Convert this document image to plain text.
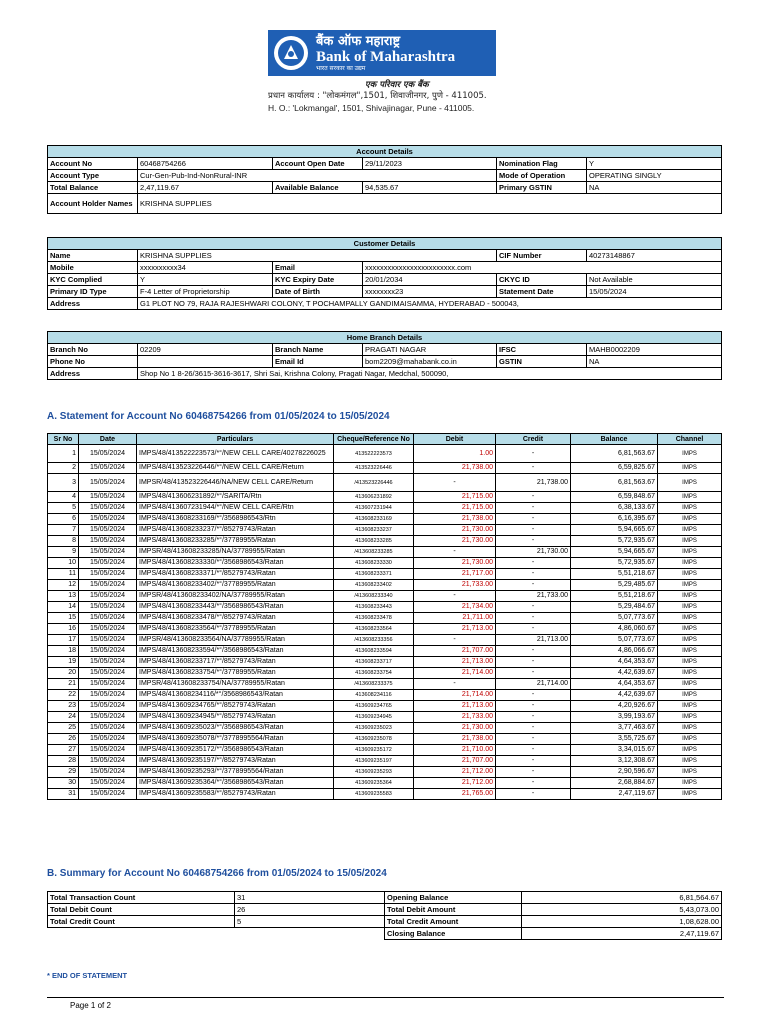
बैंक ऑफ महाराष्ट्र
Bank of Maharashtra
भारत सरकार का उद्यम
एक परिवार एक बैंक
प्रधान कार्यालय : "लोकमंगल",1501, शिवाजीनगर, पुणे - 411005.
H. O.: 'Lokmangal', 1501, Shivajinagar, Pune - 411005.
Account Details					
Account No	60468754266	Account Open Date	29/11/2023	Nomination Flag	Y
Account Type	Cur-Gen-Pub-Ind-NonRural-INR			Mode of Operation	OPERATING SINGLY
Total Balance	2,47,119.67	Available Balance	94,535.67	Primary GSTIN	NA
Account Holder Names	KRISHNA SUPPLIES				
Customer Details					
Name	KRISHNA SUPPLIES			CIF Number	40273148867
Mobile	xxxxxxxxxx34	Email	xxxxxxxxxxxxxxxxxxxxxxxx.com		
KYC Complied	Y	KYC Expiry Date	20/01/2034	CKYC ID	Not Available
Primary ID Type	F-4 Letter of Proprietorship	Date of Birth	xxxxxxxx23	Statement Date	15/05/2024
Address	G1 PLOT NO 79, RAJA RAJESHWARI COLONY, T POCHAMPALLY GANDIMAISAMMA, HYDERABAD - 500043,				
Home Branch Details					
Branch No	02209	Branch Name	PRAGATI NAGAR	IFSC	MAHB0002209
Phone No		Email Id	bom2209@mahabank.co.in	GSTIN	NA
Address	Shop No 1 8-26/3615-3616-3617, Shri Sai, Krishna Colony, Pragati Nagar, Medchal, 500090,				
A. Statement for Account No 60468754266 from 01/05/2024 to 15/05/2024
Sr No	Date	Particulars	Cheque/Reference No	Debit	Credit	Balance	Channel
1	15/05/2024	IMPS/48/413522223573/*°/NEW CELL CARE/40278226025	413522223573	1.00	-	6,81,563.67	IMPS
2	15/05/2024	IMPS/48/413523226446/*°/NEW CELL CARE/Return	413523226446	21,738.00	-	6,59,825.67	IMPS
3	15/05/2024	IMPSR/48/413523226446/NA/NEW CELL CARE/Return	/413523226446	-	21,738.00	6,81,563.67	IMPS
4	15/05/2024	IMPS/48/413606231892/*°/SARITA/Rtn	413606231892	21,715.00	-	6,59,848.67	IMPS
5	15/05/2024	IMPS/48/413607231944/*°/NEW CELL CARE/Rtn	413607231944	21,715.00	-	6,38,133.67	IMPS
6	15/05/2024	IMPS/48/413608233169/*°/3568986543/Rtn	413608233169	21,738.00	-	6,16,395.67	IMPS
7	15/05/2024	IMPS/48/413608233237/*°/85279743/Ratan	413608233237	21,730.00	-	5,94,665.67	IMPS
8	15/05/2024	IMPS/48/413608233285/*°/37789955/Ratan	413608233285	21,730.00	-	5,72,935.67	IMPS
9	15/05/2024	IMPSR/48/413608233285/NA/37789955/Ratan	/413608233285	-	21,730.00	5,94,665.67	IMPS
10	15/05/2024	IMPS/48/413608233330/*°/3568986543/Ratan	413608233330	21,730.00	-	5,72,935.67	IMPS
11	15/05/2024	IMPS/48/413608233371/*°/85279743/Ratan	413608233371	21,717.00	-	5,51,218.67	IMPS
12	15/05/2024	IMPS/48/413608233402/*°/37789955/Ratan	413608233402	21,733.00	-	5,29,485.67	IMPS
13	15/05/2024	IMPSR/48/413608233402/NA/37789955/Ratan	/413608233340	-	21,733.00	5,51,218.67	IMPS
14	15/05/2024	IMPS/48/413608233443/*°/3568986543/Ratan	413608233443	21,734.00	-	5,29,484.67	IMPS
15	15/05/2024	IMPS/48/413608233478/*°/85279743/Ratan	413608233478	21,711.00	-	5,07,773.67	IMPS
16	15/05/2024	IMPS/48/413608233564/*°/37789955/Ratan	413608233564	21,713.00	-	4,86,060.67	IMPS
17	15/05/2024	IMPSR/48/413608233564/NA/37789955/Ratan	/413608233356	-	21,713.00	5,07,773.67	IMPS
18	15/05/2024	IMPS/48/413608233594/*°/3568986543/Ratan	413608233594	21,707.00	-	4,86,066.67	IMPS
19	15/05/2024	IMPS/48/413608233717/*°/85279743/Ratan	413608233717	21,713.00	-	4,64,353.67	IMPS
20	15/05/2024	IMPS/48/413608233754/*°/37789955/Ratan	413608233754	21,714.00	-	4,42,639.67	IMPS
21	15/05/2024	IMPSR/48/413608233754/NA/37789955/Ratan	/413608233375	-	21,714.00	4,64,353.67	IMPS
22	15/05/2024	IMPS/48/413608234116/*°/3568986543/Ratan	413608234116	21,714.00	-	4,42,639.67	IMPS
23	15/05/2024	IMPS/48/413609234765/*°/85279743/Ratan	413609234765	21,713.00	-	4,20,926.67	IMPS
24	15/05/2024	IMPS/48/413609234945/*°/85279743/Ratan	413609234945	21,733.00	-	3,99,193.67	IMPS
25	15/05/2024	IMPS/48/413609235023/*°/3568986543/Ratan	413609235023	21,730.00	-	3,77,463.67	IMPS
26	15/05/2024	IMPS/48/413609235078/*°/3778995564/Ratan	413609235078	21,738.00	-	3,55,725.67	IMPS
27	15/05/2024	IMPS/48/413609235172/*°/3568986543/Ratan	413609235172	21,710.00	-	3,34,015.67	IMPS
28	15/05/2024	IMPS/48/413609235197/*°/85279743/Ratan	413609235197	21,707.00	-	3,12,308.67	IMPS
29	15/05/2024	IMPS/48/413609235293/*°/3778995564/Ratan	413609235293	21,712.00	-	2,90,596.67	IMPS
30	15/05/2024	IMPS/48/413609235364/*°/3568986543/Ratan	413609235364	21,712.00	-	2,68,884.67	IMPS
31	15/05/2024	IMPS/48/413609235583/*°/85279743/Ratan	413609235583	21,765.00	-	2,47,119.67	IMPS
B. Summary for Account No 60468754266 from 01/05/2024 to 15/05/2024
Total Transaction Count	31	Opening Balance	6,81,564.67
Total Debit Count	26	Total Debit Amount	5,43,073.00
Total Credit Count	5	Total Credit Amount	1,08,628.00
		Closing Balance	2,47,119.67
* END OF STATEMENT
Page 1 of 2
